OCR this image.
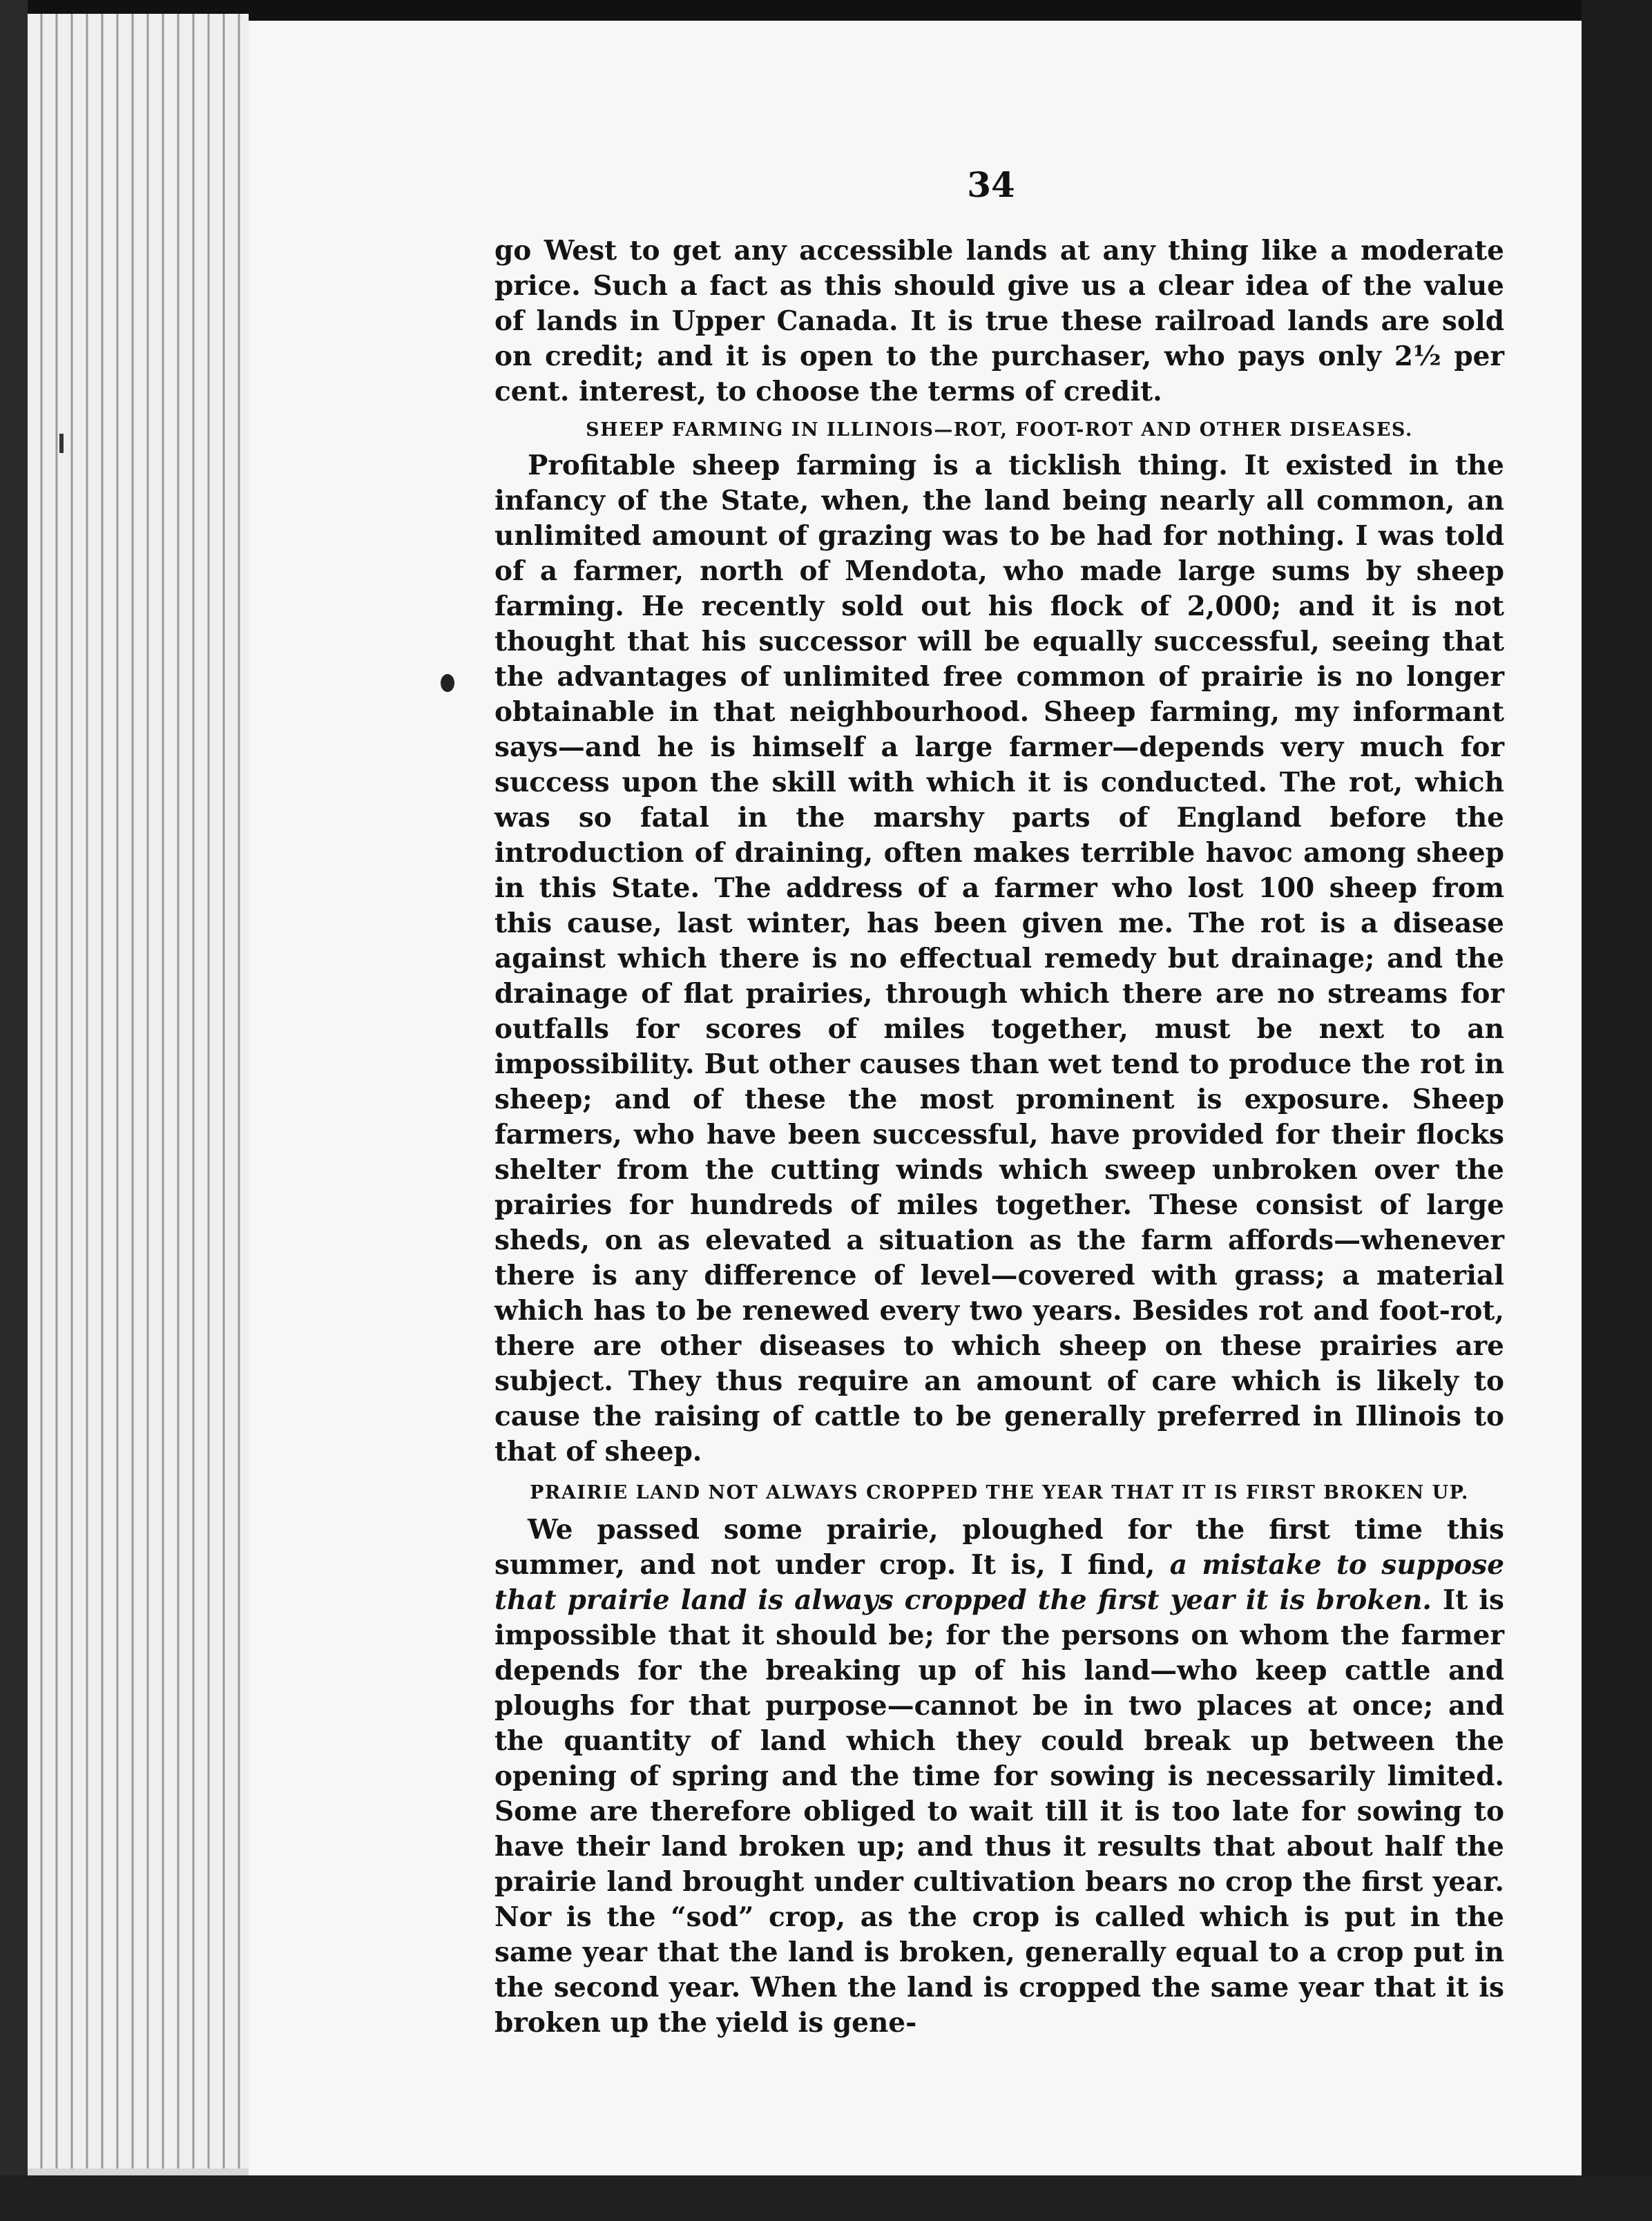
34

go West to get any accessible lands at any thing like a moderate price. Such a fact as this should give us a clear idea of the value of lands in Upper Canada. It is true these railroad lands are sold on credit; and it is open to the purchaser, who pays only 2½ per cent. interest, to choose the terms of credit.

SHEEP FARMING IN ILLINOIS—ROT, FOOT-ROT AND OTHER DISEASES.

Profitable sheep farming is a ticklish thing. It existed in the infancy of the State, when, the land being nearly all common, an unlimited amount of grazing was to be had for nothing. I was told of a farmer, north of Mendota, who made large sums by sheep farming. He recently sold out his flock of 2,000; and it is not thought that his successor will be equally successful, seeing that the advantages of unlimited free common of prairie is no longer obtainable in that neighbourhood. Sheep farming, my informant says—and he is himself a large farmer—depends very much for success upon the skill with which it is conducted. The rot, which was so fatal in the marshy parts of England before the introduction of draining, often makes terrible havoc among sheep in this State. The address of a farmer who lost 100 sheep from this cause, last winter, has been given me. The rot is a disease against which there is no effectual remedy but drainage; and the drainage of flat prairies, through which there are no streams for outfalls for scores of miles together, must be next to an impossibility. But other causes than wet tend to produce the rot in sheep; and of these the most prominent is exposure. Sheep farmers, who have been successful, have provided for their flocks shelter from the cutting winds which sweep unbroken over the prairies for hundreds of miles together. These consist of large sheds, on as elevated a situation as the farm affords—whenever there is any difference of level—covered with grass; a material which has to be renewed every two years. Besides rot and foot-rot, there are other diseases to which sheep on these prairies are subject. They thus require an amount of care which is likely to cause the raising of cattle to be generally preferred in Illinois to that of sheep.

PRAIRIE LAND NOT ALWAYS CROPPED THE YEAR THAT IT IS FIRST BROKEN UP.

We passed some prairie, ploughed for the first time this summer, and not under crop. It is, I find, a mistake to suppose that prairie land is always cropped the first year it is broken. It is impossible that it should be; for the persons on whom the farmer depends for the breaking up of his land—who keep cattle and ploughs for that purpose—cannot be in two places at once; and the quantity of land which they could break up between the opening of spring and the time for sowing is necessarily limited. Some are therefore obliged to wait till it is too late for sowing to have their land broken up; and thus it results that about half the prairie land brought under cultivation bears no crop the first year. Nor is the “sod” crop, as the crop is called which is put in the same year that the land is broken, generally equal to a crop put in the second year. When the land is cropped the same year that it is broken up the yield is gene-
